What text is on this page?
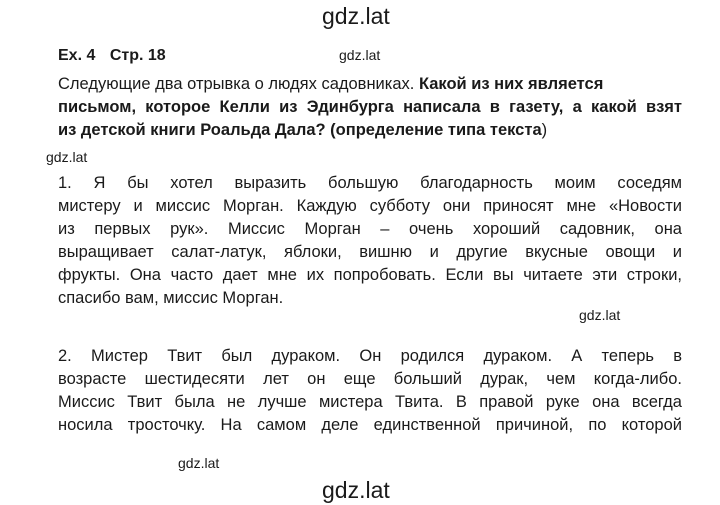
gdz.lat
gdz.lat
gdz.lat
gdz.lat
gdz.lat
gdz.lat
Ex. 4 Стр. 18
Следующие два отрывка о людях садовниках. Какой из них является
письмом, которое Келли из Эдинбурга написала в газету, а какой взят
из детской книги Роальда Дала? (определение типа текста)
1. Я бы хотел выразить большую благодарность моим соседям
мистеру и миссис Морган. Каждую субботу они приносят мне «Новости
из первых рук». Миссис Морган – очень хороший садовник, она
выращивает салат-латук, яблоки, вишню и другие вкусные овощи и
фрукты. Она часто дает мне их попробовать. Если вы читаете эти строки,
спасибо вам, миссис Морган.
2. Мистер Твит был дураком. Он родился дураком. А теперь в
возрасте шестидесяти лет он еще больший дурак, чем когда-либо.
Миссис Твит была не лучше мистера Твита. В правой руке она всегда
носила тросточку. На самом деле единственной причиной, по которой
